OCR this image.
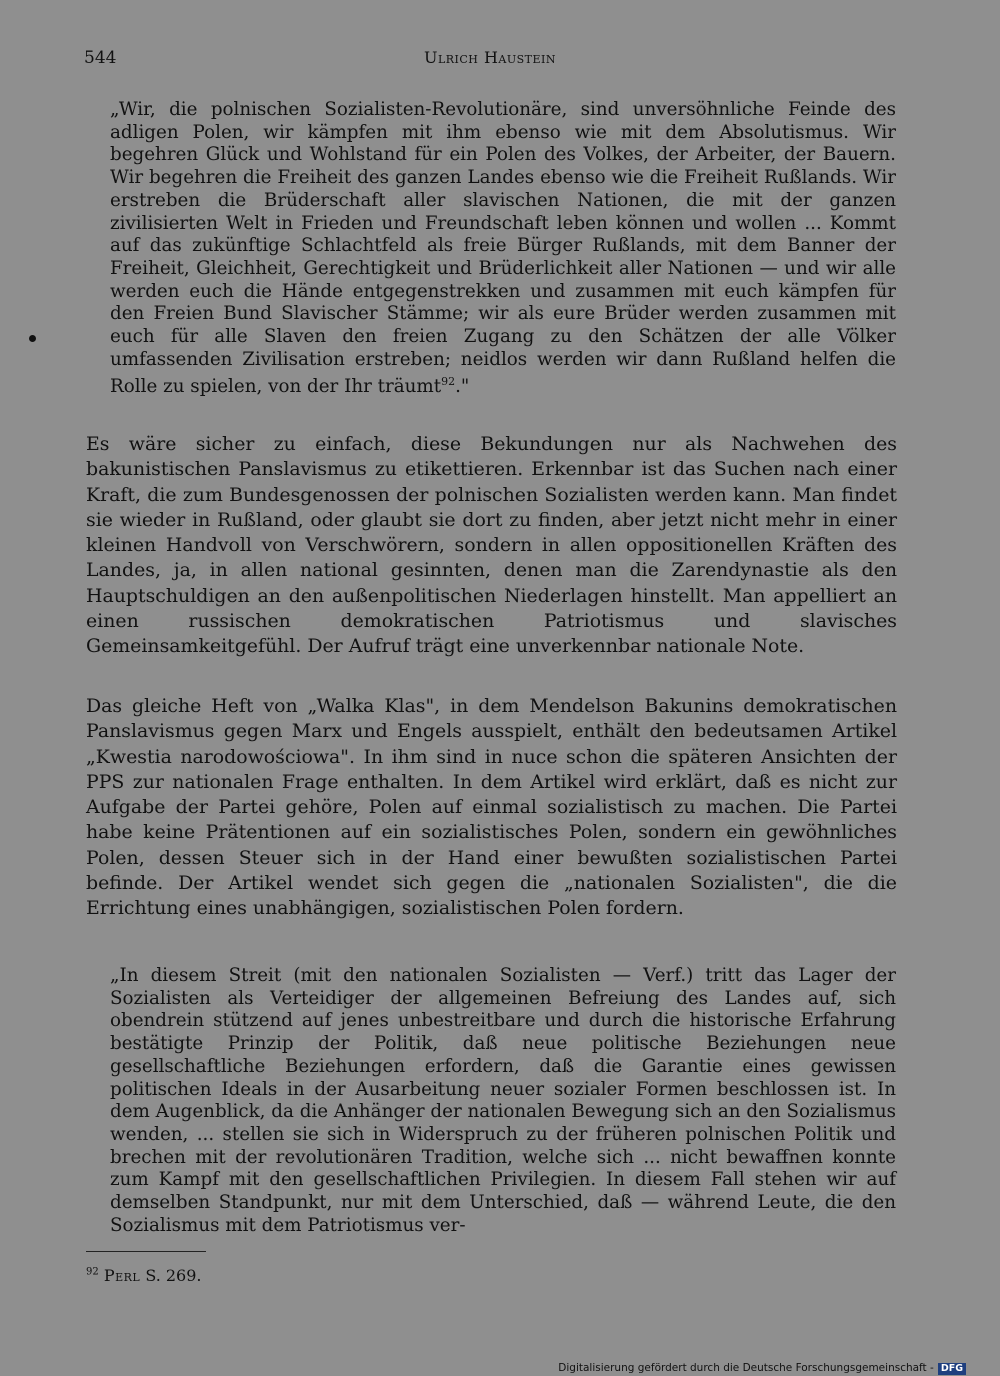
544	Ulrich Haustein
„Wir, die polnischen Sozialisten-Revolutionäre, sind unversöhnliche Feinde des adligen Polen, wir kämpfen mit ihm ebenso wie mit dem Absolutismus. Wir begehren Glück und Wohlstand für ein Polen des Volkes, der Arbeiter, der Bauern. Wir begehren die Freiheit des ganzen Landes ebenso wie die Freiheit Rußlands. Wir erstreben die Brüderschaft aller slavischen Nationen, die mit der ganzen zivilisierten Welt in Frieden und Freundschaft leben können und wollen ... Kommt auf das zukünftige Schlachtfeld als freie Bürger Rußlands, mit dem Banner der Freiheit, Gleichheit, Gerechtigkeit und Brüderlichkeit aller Nationen — und wir alle werden euch die Hände entgegenstrekken und zusammen mit euch kämpfen für den Freien Bund Slavischer Stämme; wir als eure Brüder werden zusammen mit euch für alle Slaven den freien Zugang zu den Schätzen der alle Völker umfassenden Zivilisation erstreben; neidlos werden wir dann Rußland helfen die Rolle zu spielen, von der Ihr träumt$^{92}$."
Es wäre sicher zu einfach, diese Bekundungen nur als Nachwehen des bakunistischen Panslavismus zu etikettieren. Erkennbar ist das Suchen nach einer Kraft, die zum Bundesgenossen der polnischen Sozialisten werden kann. Man findet sie wieder in Rußland, oder glaubt sie dort zu finden, aber jetzt nicht mehr in einer kleinen Handvoll von Verschwörern, sondern in allen oppositionellen Kräften des Landes, ja, in allen national gesinnten, denen man die Zarendynastie als den Hauptschuldigen an den außenpolitischen Niederlagen hinstellt. Man appelliert an einen russischen demokratischen Patriotismus und slavisches Gemeinsamkeitgefühl. Der Aufruf trägt eine unverkennbar nationale Note.
Das gleiche Heft von „Walka Klas", in dem Mendelson Bakunins demokratischen Panslavismus gegen Marx und Engels ausspielt, enthält den bedeutsamen Artikel „Kwestia narodowościowa". In ihm sind in nuce schon die späteren Ansichten der PPS zur nationalen Frage enthalten. In dem Artikel wird erklärt, daß es nicht zur Aufgabe der Partei gehöre, Polen auf einmal sozialistisch zu machen. Die Partei habe keine Prätentionen auf ein sozialistisches Polen, sondern ein gewöhnliches Polen, dessen Steuer sich in der Hand einer bewußten sozialistischen Partei befinde. Der Artikel wendet sich gegen die „nationalen Sozialisten", die die Errichtung eines unabhängigen, sozialistischen Polen fordern.
„In diesem Streit (mit den nationalen Sozialisten — Verf.) tritt das Lager der Sozialisten als Verteidiger der allgemeinen Befreiung des Landes auf, sich obendrein stützend auf jenes unbestreitbare und durch die historische Erfahrung bestätigte Prinzip der Politik, daß neue politische Beziehungen neue gesellschaftliche Beziehungen erfordern, daß die Garantie eines gewissen politischen Ideals in der Ausarbeitung neuer sozialer Formen beschlossen ist. In dem Augenblick, da die Anhänger der nationalen Bewegung sich an den Sozialismus wenden, ... stellen sie sich in Widerspruch zu der früheren polnischen Politik und brechen mit der revolutionären Tradition, welche sich ... nicht bewaffnen konnte zum Kampf mit den gesellschaftlichen Privilegien. In diesem Fall stehen wir auf demselben Standpunkt, nur mit dem Unterschied, daß — während Leute, die den Sozialismus mit dem Patriotismus ver-
$^{92}$ Perl S. 269.
Digitalisierung gefördert durch die Deutsche Forschungsgemeinschaft - DFG
